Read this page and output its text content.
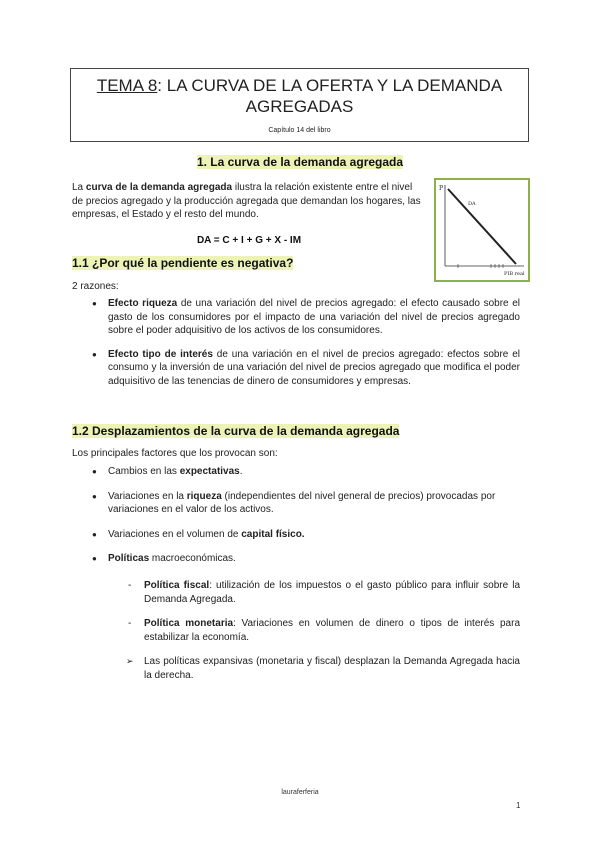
TEMA 8: LA CURVA DE LA OFERTA Y LA DEMANDA AGREGADAS
Capítulo 14 del libro
1. La curva de la demanda agregada
La curva de la demanda agregada ilustra la relación existente entre el nivel de precios agregado y la producción agregada que demandan los hogares, las empresas, el Estado y el resto del mundo.
DA = C + I + G + X - IM
P
DA
PIB real
1.1 ¿Por qué la pendiente es negativa?
2 razones:
● Efecto riqueza de una variación del nivel de precios agregado: el efecto causado sobre el gasto de los consumidores por el impacto de una variación del nivel de precios agregado sobre el poder adquisitivo de los activos de los consumidores.
● Efecto tipo de interés de una variación en el nivel de precios agregado: efectos sobre el consumo y la inversión de una variación del nivel de precios agregado que modifica el poder adquisitivo de las tenencias de dinero de consumidores y empresas.
1.2 Desplazamientos de la curva de la demanda agregada
Los principales factores que los provocan son:
● Cambios en las expectativas.
● Variaciones en la riqueza (independientes del nivel general de precios) provocadas por variaciones en el valor de los activos.
● Variaciones en el volumen de capital físico.
● Políticas macroeconómicas.
- Política fiscal: utilización de los impuestos o el gasto público para influir sobre la Demanda Agregada.
- Política monetaria: Variaciones en volumen de dinero o tipos de interés para estabilizar la economía.
➢ Las políticas expansivas (monetaria y fiscal) desplazan la Demanda Agregada hacia la derecha.
lauraferferia
1
